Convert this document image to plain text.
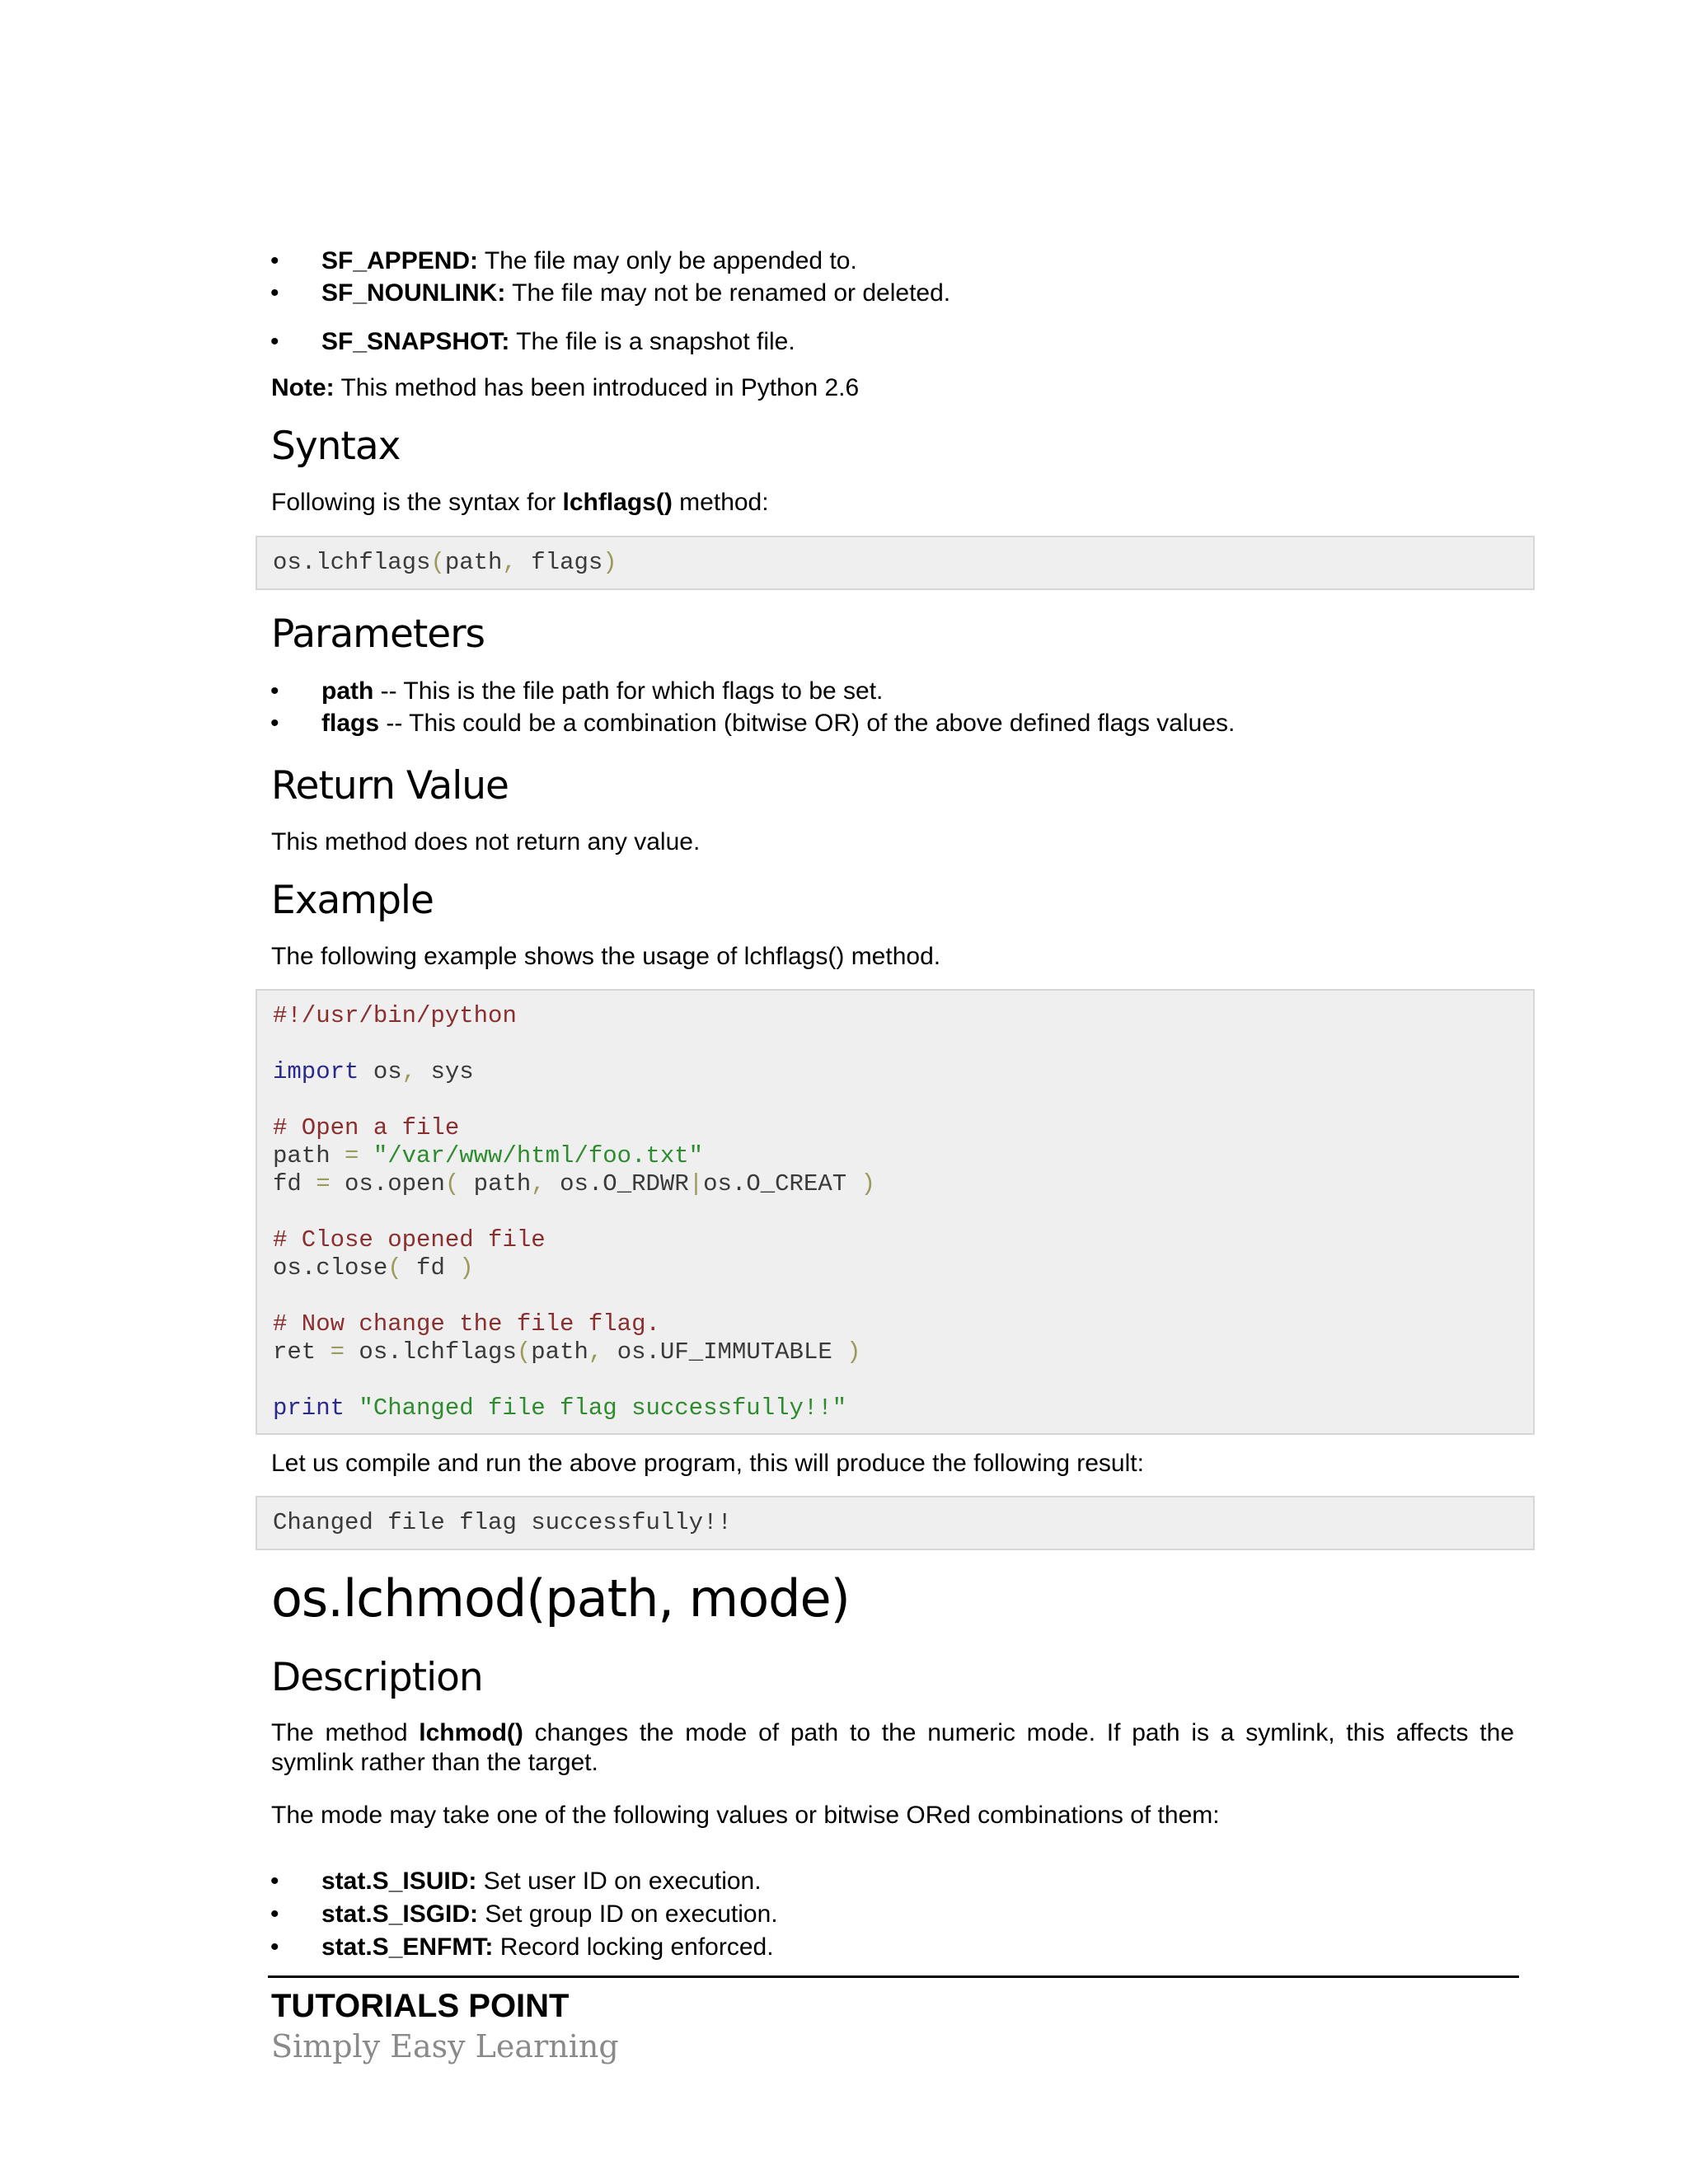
• SF_APPEND: The file may only be appended to.
• SF_NOUNLINK: The file may not be renamed or deleted.
• SF_SNAPSHOT: The file is a snapshot file.
Note: This method has been introduced in Python 2.6
Syntax
Following is the syntax for lchflags() method:
os.lchflags(path, flags)
Parameters
• path -- This is the file path for which flags to be set.
• flags -- This could be a combination (bitwise OR) of the above defined flags values.
Return Value
This method does not return any value.
Example
The following example shows the usage of lchflags() method.
#!/usr/bin/python
import os, sys
# Open a file
path = "/var/www/html/foo.txt"
fd = os.open( path, os.O_RDWR|os.O_CREAT )
# Close opened file
os.close( fd )
# Now change the file flag.
ret = os.lchflags(path, os.UF_IMMUTABLE )
print "Changed file flag successfully!!"
Let us compile and run the above program, this will produce the following result:
Changed file flag successfully!!
os.lchmod(path, mode)
Description
The method lchmod() changes the mode of path to the numeric mode. If path is a symlink, this affects the symlink rather than the target.
The mode may take one of the following values or bitwise ORed combinations of them:
• stat.S_ISUID: Set user ID on execution.
• stat.S_ISGID: Set group ID on execution.
• stat.S_ENFMT: Record locking enforced.
TUTORIALS POINT
Simply Easy Learning
